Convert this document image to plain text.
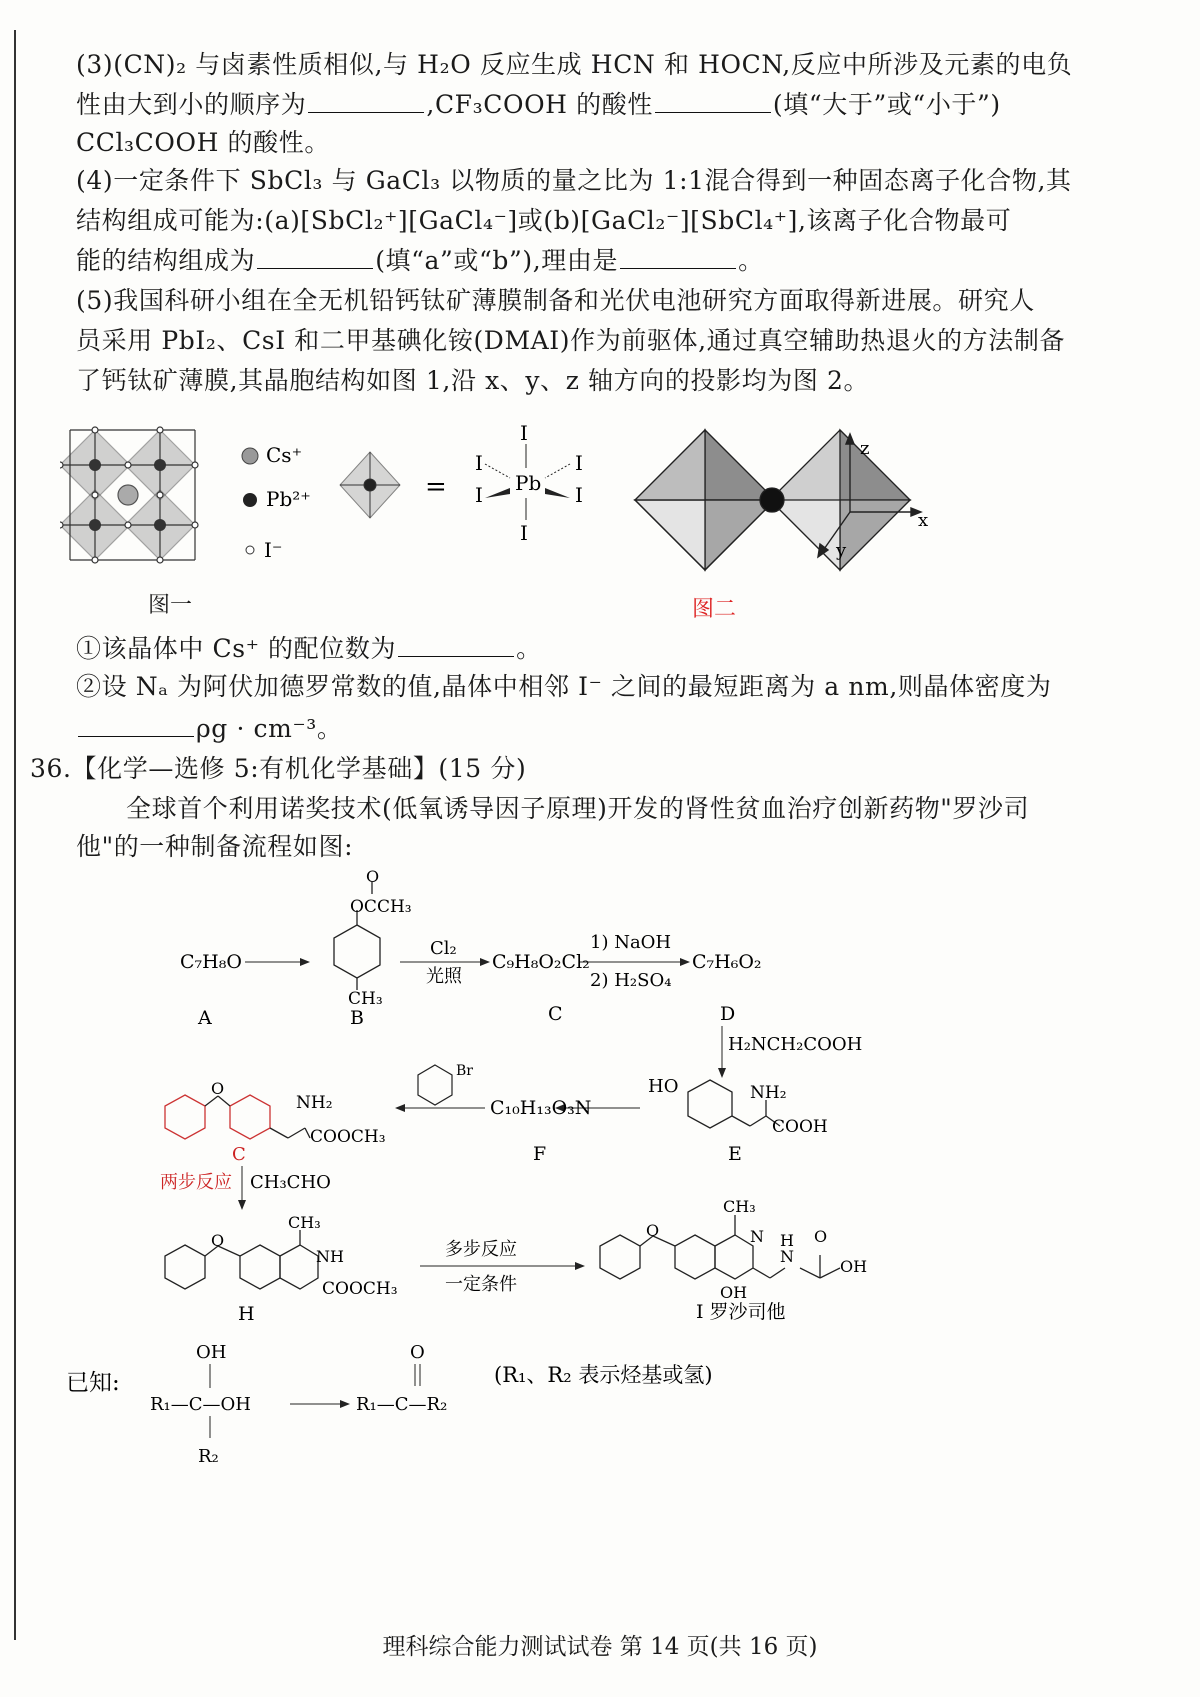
(3)(CN)₂ 与卤素性质相似,与 H₂O 反应生成 HCN 和 HOCN,反应中所涉及元素的电负
性由大到小的顺序为	,CF₃COOH 的酸性	(填“大于”或“小于”)
CCl₃COOH 的酸性。
(4)一定条件下 SbCl₃ 与 GaCl₃ 以物质的量之比为 1:1混合得到一种固态离子化合物,其
结构组成可能为:(a)[SbCl₂⁺][GaCl₄⁻]或(b)[GaCl₂⁻][SbCl₄⁺],该离子化合物最可
能的结构组成为	(填“a”或“b”),理由是	。
(5)我国科研小组在全无机铅钙钛矿薄膜制备和光伏电池研究方面取得新进展。研究人
员采用 PbI₂、CsI 和二甲基碘化铵(DMAI)作为前驱体,通过真空辅助热退火的方法制备
了钙钛矿薄膜,其晶胞结构如图 1,沿 x、y、z 轴方向的投影均为图 2。
Cs⁺
Pb²⁺
I⁻
=
I
I	I
Pb
I	I
I
z
x
y
图一	图二
①该晶体中 Cs⁺ 的配位数为	。
②设 Nₐ 为阿伏加德罗常数的值,晶体中相邻 I⁻ 之间的最短距离为 a nm,则晶体密度为
ρg · cm⁻³。
36.【化学—选修 5:有机化学基础】(15 分)
全球首个利用诺奖技术(低氧诱导因子原理)开发的肾性贫血治疗创新药物"罗沙司
他"的一种制备流程如图:
C₇H₈O
A
O
OCCH₃
CH₃
B
Cl₂
光照
C₉H₈O₂Cl₂
C
1) NaOH
2) H₂SO₄
C₇H₆O₂
D
H₂NCH₂COOH
HO	NH₂
COOH
E
C₁₀H₁₃O₃N
F
Br
O
NH₂
COOCH₃
C
两步反应 CH₃CHO
O
CH₃
NH
COOCH₃
H
多步反应
一定条件
O
CH₃
N H
N
O
OH
OH
I 罗沙司他
已知:
OH
R₁—C—OH
R₂
O
R₁—C—R₂
(R₁、R₂ 表示烃基或氢)
理科综合能力测试试卷 第 14 页(共 16 页)
